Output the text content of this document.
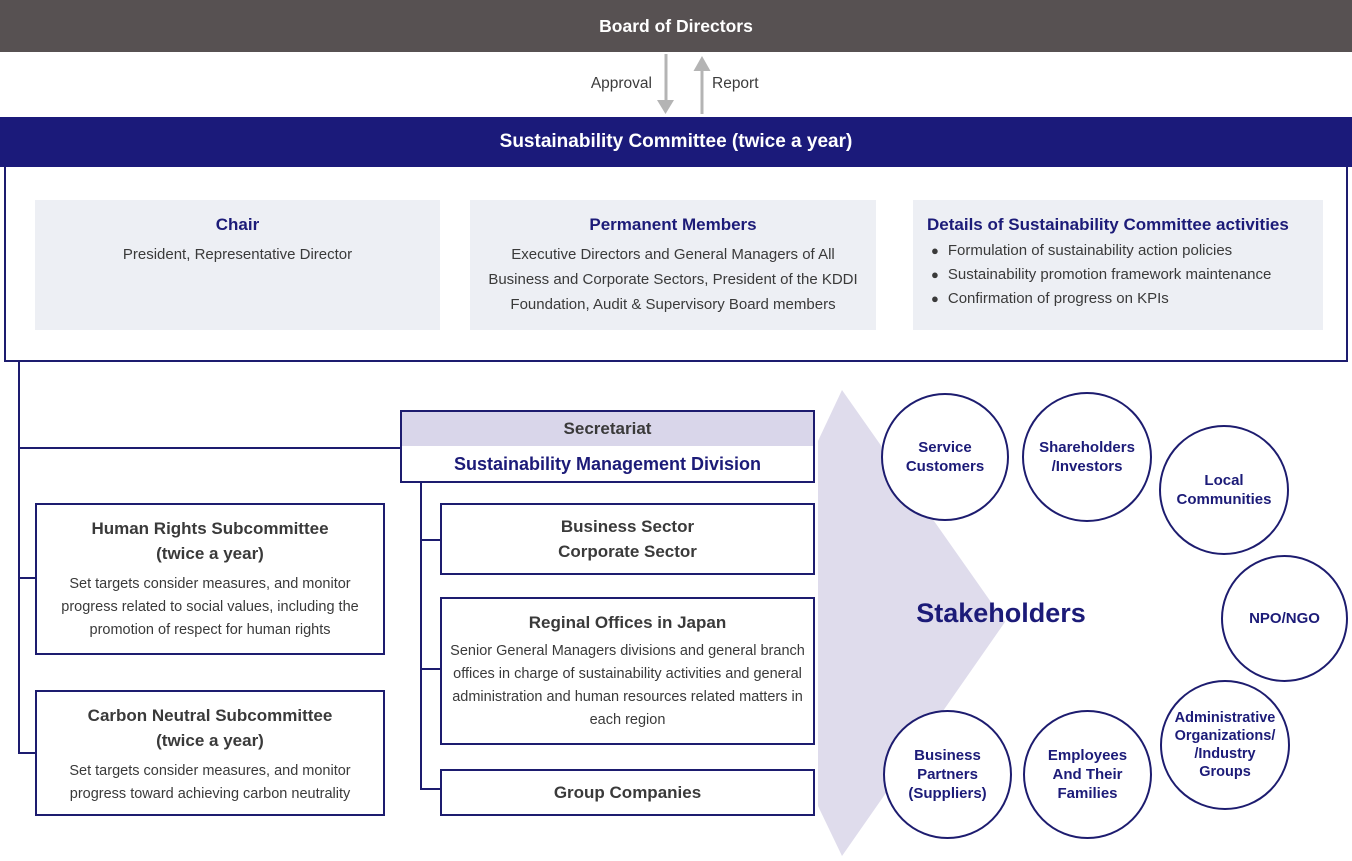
Board of Directors
Approval	Report
Sustainability Committee (twice a year)
Chair
President, Representative Director
Permanent Members
Executive Directors and General Managers of All Business and Corporate Sectors, President of the KDDI Foundation, Audit & Supervisory Board members
Details of Sustainability Committee activities
● Formulation of sustainability action policies
● Sustainability promotion framework maintenance
● Confirmation of progress on KPIs
Human Rights Subcommittee
(twice a year)
Set targets consider measures, and monitor progress related to social values, including the promotion of respect for human rights
Carbon Neutral Subcommittee
(twice a year)
Set targets consider measures, and monitor progress toward achieving carbon neutrality
Secretariat
Sustainability Management Division
Business Sector
Corporate Sector
Reginal Offices in Japan
Senior General Managers divisions and general branch offices in charge of sustainability activities and general administration and human resources related matters in each region
Group Companies
Stakeholders
Service
Customers
Shareholders
/Investors
Local
Communities
NPO/NGO
Administrative
Organizations/
/Industry
Groups
Employees
And Their
Families
Business
Partners
(Suppliers)
